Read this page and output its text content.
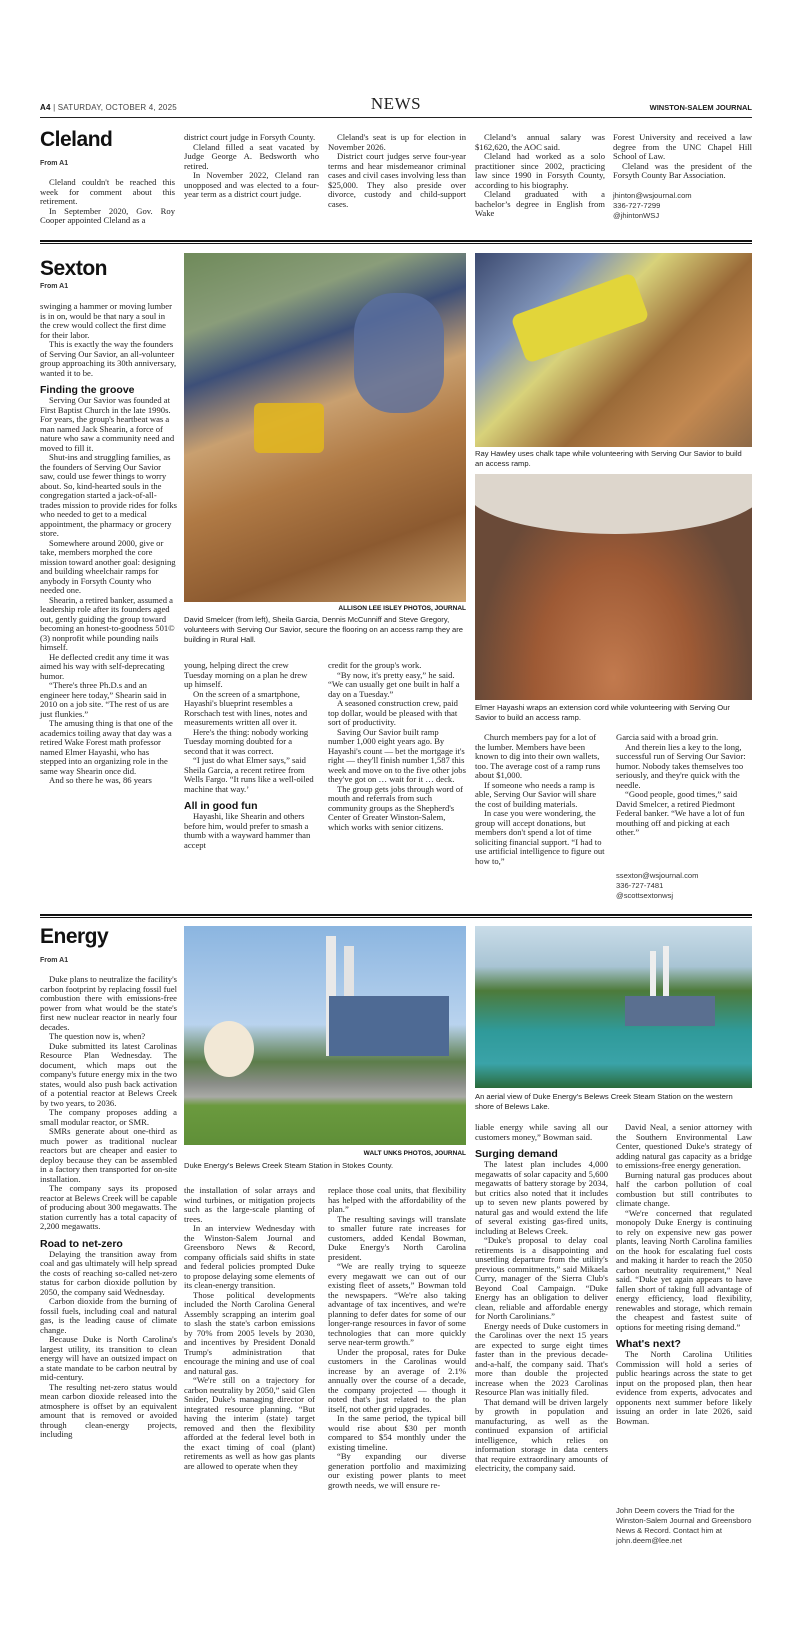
A4 | SATURDAY, OCTOBER 4, 2025	NEWS	WINSTON-SALEM JOURNAL
Cleland
From A1

Cleland couldn't be reached this week for comment about this retirement.

In September 2020, Gov. Roy Cooper appointed Cleland as a

district court judge in Forsyth County.

Cleland filled a seat vacated by Judge George A. Bedsworth who retired.

In November 2022, Cleland ran unopposed and was elected to a four-year term as a district court judge.

Cleland's seat is up for election in November 2026.

District court judges serve four-year terms and hear misdemeanor criminal cases and civil cases involving less than $25,000. They also preside over divorce, custody and child-support cases.

Cleland’s annual salary was $162,620, the AOC said.

Cleland had worked as a solo practitioner since 2002, practicing law since 1990 in Forsyth County, according to his biography.

Cleland graduated with a bachelor’s degree in English from Wake

Forest University and received a law degree from the UNC Chapel Hill School of Law.

Cleland was the president of the Forsyth County Bar Association.

jhinton@wsjournal.com
336-727-7299
@jhintonWSJ
Sexton
From A1

swinging a hammer or moving lumber is in on, would be that nary a soul in the crew would collect the first dime for their labor.

This is exactly the way the founders of Serving Our Savior, an all-volunteer group approaching its 30th anniversary, wanted it to be.

Finding the groove

Serving Our Savior was founded at First Baptist Church in the late 1990s. For years, the group's heartbeat was a man named Jack Shearin, a force of nature who saw a community need and moved to fill it.

Shut-ins and struggling families, as the founders of Serving Our Savior saw, could use fewer things to worry about. So, kind-hearted souls in the congregation started a jack-of-all-trades mission to provide rides for folks who needed to get to a medical appointment, the pharmacy or grocery store.

Somewhere around 2000, give or take, members morphed the core mission toward another goal: designing and building wheelchair ramps for anybody in Forsyth County who needed one.

Shearin, a retired banker, assumed a leadership role after its founders aged out, gently guiding the group toward becoming an honest-to-goodness 501© (3) nonprofit while pounding nails himself.

He deflected credit any time it was aimed his way with self-deprecating humor.

“There's three Ph.D.s and an engineer here today,” Shearin said in 2010 on a job site. “The rest of us are just flunkies.”

The amusing thing is that one of the academics toiling away that day was a retired Wake Forest math professor named Elmer Hayashi, who has stepped into an organizing role in the same way Shearin once did.

And so there he was, 86 years

ALLISON LEE ISLEY PHOTOS, JOURNAL
David Smelcer (from left), Sheila Garcia, Dennis McCunniff and Steve Gregory, volunteers with Serving Our Savior, secure the flooring on an access ramp they are building in Rural Hall.

young, helping direct the crew Tuesday morning on a plan he drew up himself.

On the screen of a smartphone, Hayashi's blueprint resembles a Rorschach test with lines, notes and measurements written all over it.

Here's the thing: nobody working Tuesday morning doubted for a second that it was correct.

“I just do what Elmer says,” said Sheila Garcia, a recent retiree from Wells Fargo. “It runs like a well-oiled machine that way.’

All in good fun

Hayashi, like Shearin and others before him, would prefer to smash a thumb with a wayward hammer than accept

credit for the group's work.

“By now, it's pretty easy,” he said. “We can usually get one built in half a day on a Tuesday.”

A seasoned construction crew, paid top dollar, would be pleased with that sort of productivity.

Saving Our Savior built ramp number 1,000 eight years ago. By Hayashi's count — bet the mortgage it's right — they'll finish number 1,587 this week and move on to the five other jobs they've got on … wait for it … deck.

The group gets jobs through word of mouth and referrals from such community groups as the Shepherd's Center of Greater Winston-Salem, which works with senior citizens.

Ray Hawley uses chalk tape while volunteering with Serving Our Savior to build an access ramp.
Elmer Hayashi wraps an extension cord while volunteering with Serving Our Savior to build an access ramp.

Church members pay for a lot of the lumber. Members have been known to dig into their own wallets, too. The average cost of a ramp runs about $1,000.

If someone who needs a ramp is able, Serving Our Savior will share the cost of building materials.

In case you were wondering, the group will accept donations, but members don't spend a lot of time soliciting financial support. “I had to use artificial intelligence to figure out how to,”

Garcia said with a broad grin.

And therein lies a key to the long, successful run of Serving Our Savior: humor. Nobody takes themselves too seriously, and they're quick with the needle.

“Good people, good times,” said David Smelcer, a retired Piedmont Federal banker. “We have a lot of fun mouthing off and picking at each other.”

ssexton@wsjournal.com
336-727-7481
@scottsextonwsj
Energy
From A1

Duke plans to neutralize the facility's carbon footprint by replacing fossil fuel combustion there with emissions-free power from what would be the state's first new nuclear reactor in nearly four decades.

The question now is, when?

Duke submitted its latest Carolinas Resource Plan Wednesday. The document, which maps out the company's future energy mix in the two states, would also push back activation of a potential reactor at Belews Creek by two years, to 2036.

The company proposes adding a small modular reactor, or SMR.

SMRs generate about one-third as much power as traditional nuclear reactors but are cheaper and easier to deploy because they can be assembled in a factory then transported for on-site installation.

The company says its proposed reactor at Belews Creek will be capable of producing about 300 megawatts. The station currently has a total capacity of 2,200 megawatts.

Road to net-zero

Delaying the transition away from coal and gas ultimately will help spread the costs of reaching so-called net-zero status for carbon dioxide pollution by 2050, the company said Wednesday.

Carbon dioxide from the burning of fossil fuels, including coal and natural gas, is the leading cause of climate change.

Because Duke is North Carolina's largest utility, its transition to clean energy will have an outsized impact on a state mandate to be carbon neutral by mid-century.

The resulting net-zero status would mean carbon dioxide released into the atmosphere is offset by an equivalent amount that is removed or avoided through clean-energy projects, including

WALT UNKS PHOTOS, JOURNAL
Duke Energy’s Belews Creek Steam Station in Stokes County.
An aerial view of Duke Energy’s Belews Creek Steam Station on the western shore of Belews Lake.

the installation of solar arrays and wind turbines, or mitigation projects such as the large-scale planting of trees.

In an interview Wednesday with the Winston-Salem Journal and Greensboro News & Record, company officials said shifts in state and federal policies prompted Duke to propose delaying some elements of its clean-energy transition.

Those political developments included the North Carolina General Assembly scrapping an interim goal to slash the state's carbon emissions by 70% from 2005 levels by 2030, and incentives by President Donald Trump's administration that encourage the mining and use of coal and natural gas.

“We're still on a trajectory for carbon neutrality by 2050,” said Glen Snider, Duke's managing director of integrated resource planning. “But having the interim (state) target removed and then the flexibility afforded at the federal level both in the exact timing of coal (plant) retirements as well as how gas plants are allowed to operate when they

replace those coal units, that flexibility has helped with the affordability of the plan.”

The resulting savings will translate to smaller future rate increases for customers, added Kendal Bowman, Duke Energy's North Carolina president.

“We are really trying to squeeze every megawatt we can out of our existing fleet of assets,” Bowman told the newspapers. “We're also taking advantage of tax incentives, and we're planning to defer dates for some of our longer-range resources in favor of some technologies that can more quickly serve near-term growth.”

Under the proposal, rates for Duke customers in the Carolinas would increase by an average of 2.1% annually over the course of a decade, the company projected — though it noted that's just related to the plan itself, not other grid upgrades.

In the same period, the typical bill would rise about $30 per month compared to $54 monthly under the existing timeline.

“By expanding our diverse generation portfolio and maximizing our existing power plants to meet growth needs, we will ensure re-

liable energy while saving all our customers money,” Bowman said.

Surging demand

The latest plan includes 4,000 megawatts of solar capacity and 5,600 megawatts of battery storage by 2034, but critics also noted that it includes up to seven new plants powered by natural gas and would extend the life of several existing gas-fired units, including at Belews Creek.

“Duke's proposal to delay coal retirements is a disappointing and unsettling departure from the utility's previous commitments,” said Mikaela Curry, manager of the Sierra Club's Beyond Coal Campaign. “Duke Energy has an obligation to deliver clean, reliable and affordable energy for North Carolinians.”

Energy needs of Duke customers in the Carolinas over the next 15 years are expected to surge eight times faster than in the previous decade-and-a-half, the company said. That's more than double the projected increase when the 2023 Carolinas Resource Plan was initially filed.

That demand will be driven largely by growth in population and manufacturing, as well as the continued expansion of artificial intelligence, which relies on information storage in data centers that require extraordinary amounts of electricity, the company said.

David Neal, a senior attorney with the Southern Environmental Law Center, questioned Duke's strategy of adding natural gas capacity as a bridge to emissions-free energy generation.

Burning natural gas produces about half the carbon pollution of coal combustion but still contributes to climate change.

“We're concerned that regulated monopoly Duke Energy is continuing to rely on expensive new gas power plants, leaving North Carolina families on the hook for escalating fuel costs and making it harder to reach the 2050 carbon neutrality requirement,” Neal said. “Duke yet again appears to have fallen short of taking full advantage of energy efficiency, load flexibility, renewables and storage, which remain the cheapest and fastest suite of options for meeting rising demand.”

What's next?

The North Carolina Utilities Commission will hold a series of public hearings across the state to get input on the proposed plan, then hear evidence from experts, advocates and opponents next summer before likely issuing an order in late 2026, said Bowman.

John Deem covers the Triad for the Winston-Salem Journal and Greensboro News & Record. Contact him at john.deem@lee.net
